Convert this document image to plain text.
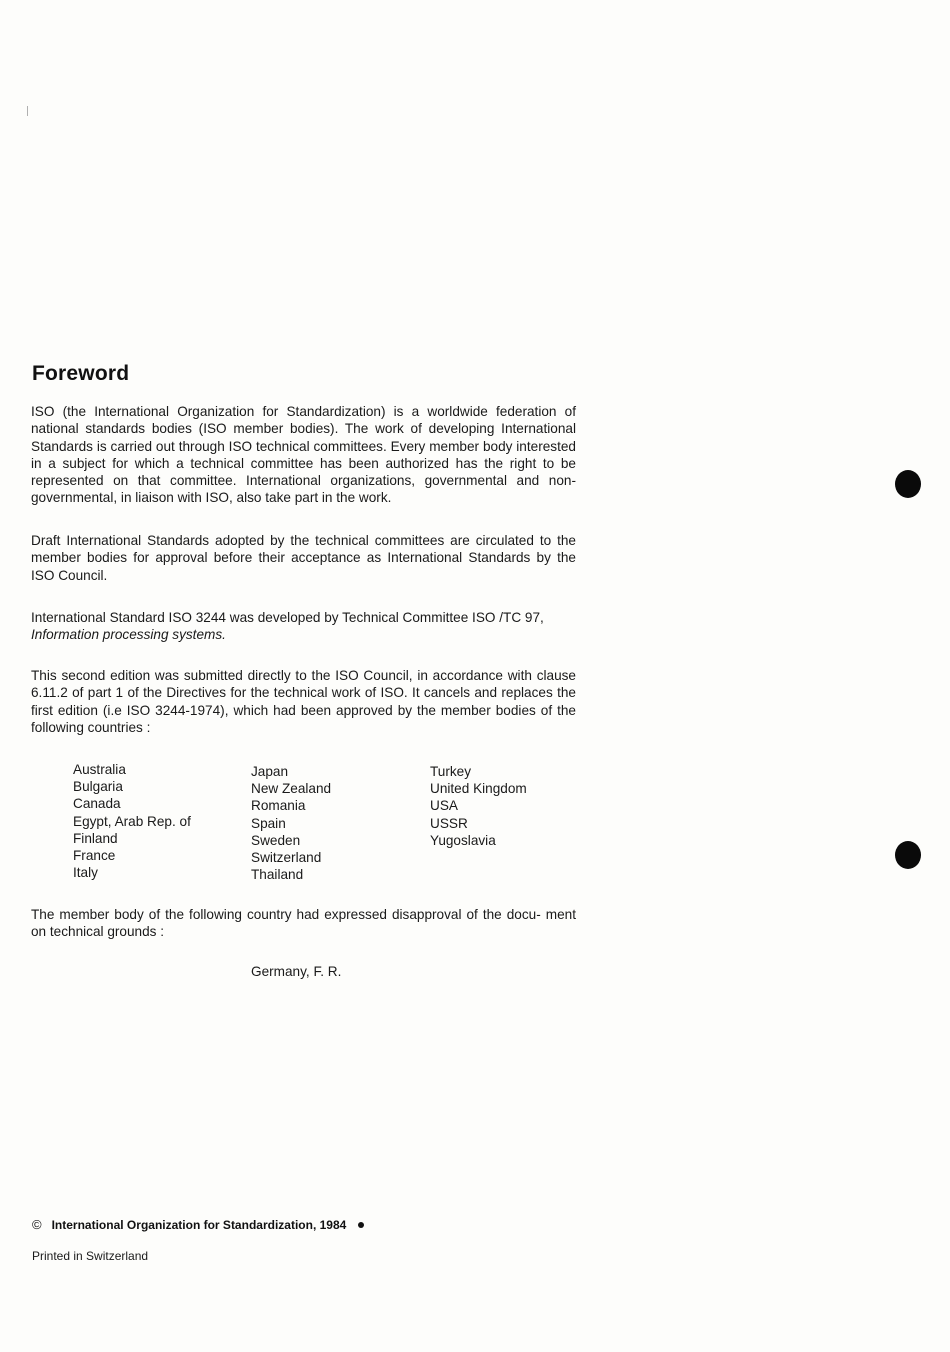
Foreword

ISO (the International Organization for Standardization) is a worldwide federation of national standards bodies (ISO member bodies). The work of developing International Standards is carried out through ISO technical committees. Every member body interested in a subject for which a technical committee has been authorized has the right to be represented on that committee. International organizations, governmental and non-governmental, in liaison with ISO, also take part in the work.

Draft International Standards adopted by the technical committees are circulated to the member bodies for approval before their acceptance as International Standards by the ISO Council.

International Standard ISO 3244 was developed by Technical Committee ISO /TC 97,
Information processing systems.

This second edition was submitted directly to the ISO Council, in accordance with clause 6.11.2 of part 1 of the Directives for the technical work of ISO. It cancels and replaces the first edition (i.e ISO 3244-1974), which had been approved by the member bodies of the following countries :

Australia
Bulgaria
Canada
Egypt, Arab Rep. of
Finland
France
Italy
Japan
New Zealand
Romania
Spain
Sweden
Switzerland
Thailand
Turkey
United Kingdom
USA
USSR
Yugoslavia

The member body of the following country had expressed disapproval of the docu- ment on technical grounds :

Germany, F. R.
© International Organization for Standardization, 1984
Printed in Switzerland
